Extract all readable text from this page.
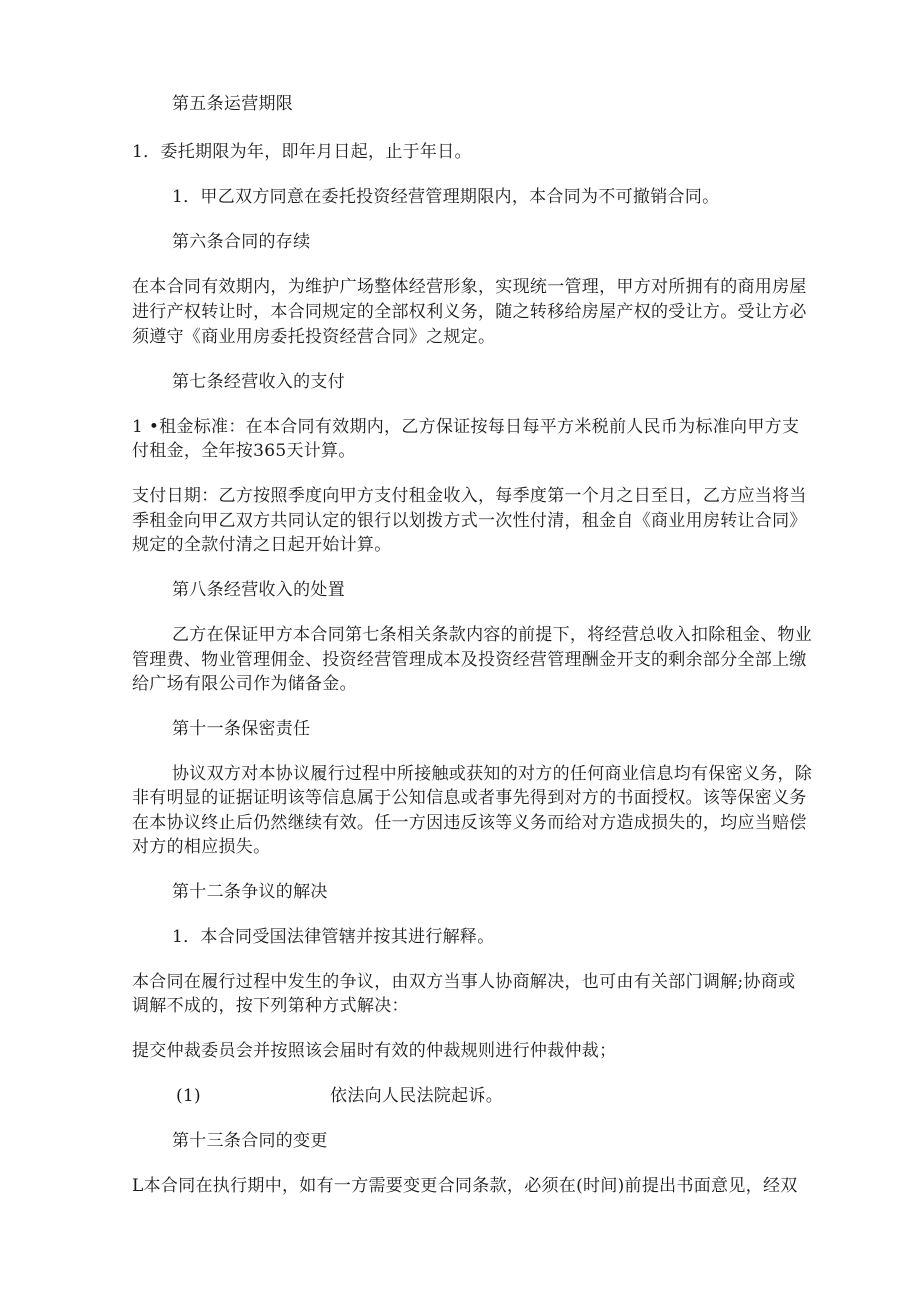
第五条运营期限
1．委托期限为年，即年月日起，止于年日。
1．甲乙双方同意在委托投资经营管理期限内，本合同为不可撤销合同。
第六条合同的存续
在本合同有效期内，为维护广场整体经营形象，实现统一管理，甲方对所拥有的商用房屋
进行产权转让时，本合同规定的全部权利义务，随之转移给房屋产权的受让方。受让方必
须遵守《商业用房委托投资经营合同》之规定。
第七条经营收入的支付
1 •租金标准：在本合同有效期内，乙方保证按每日每平方米税前人民币为标准向甲方支
付租金，全年按365天计算。
支付日期：乙方按照季度向甲方支付租金收入，每季度第一个月之日至日，乙方应当将当
季租金向甲乙双方共同认定的银行以划拨方式一次性付清，租金自《商业用房转让合同》
规定的全款付清之日起开始计算。
第八条经营收入的处置
乙方在保证甲方本合同第七条相关条款内容的前提下，将经营总收入扣除租金、物业
管理费、物业管理佣金、投资经营管理成本及投资经营管理酬金开支的剩余部分全部上缴
给广场有限公司作为储备金。
第十一条保密责任
协议双方对本协议履行过程中所接触或获知的对方的任何商业信息均有保密义务，除
非有明显的证据证明该等信息属于公知信息或者事先得到对方的书面授权。该等保密义务
在本协议终止后仍然继续有效。任一方因违反该等义务而给对方造成损失的，均应当赔偿
对方的相应损失。
第十二条争议的解决
1．本合同受国法律管辖并按其进行解释。
本合同在履行过程中发生的争议，由双方当事人协商解决，也可由有关部门调解;协商或
调解不成的，按下列第种方式解决：
提交仲裁委员会并按照该会届时有效的仲裁规则进行仲裁仲裁；
(1)	依法向人民法院起诉。
第十三条合同的变更
L本合同在执行期中，如有一方需要变更合同条款，必须在(时间)前提出书面意见，经双
